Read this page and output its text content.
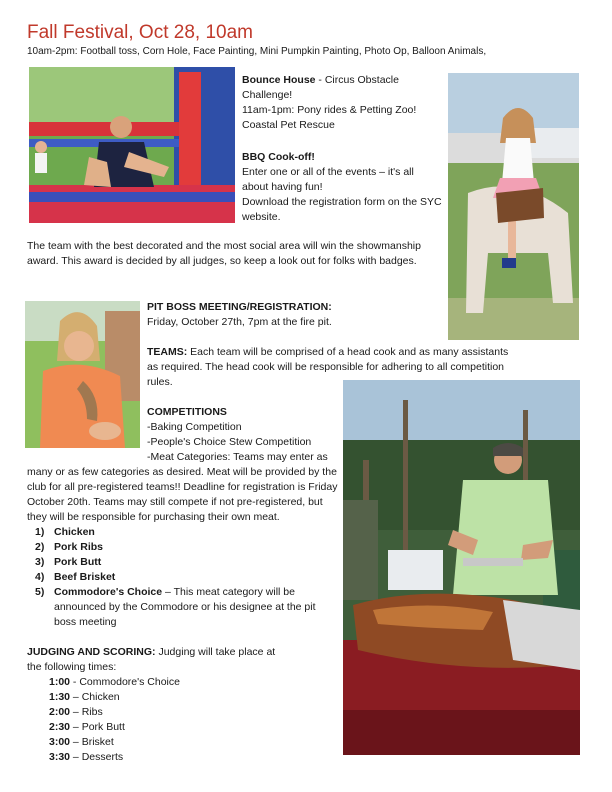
Fall Festival, Oct 28, 10am
10am-2pm: Football toss, Corn Hole, Face Painting, Mini Pumpkin Painting, Photo Op, Balloon Animals,

Bounce House - Circus Obstacle Challenge!

11am-1pm: Pony rides & Petting Zoo!

Coastal Pet Rescue

BBQ Cook-off!

Enter one or all of the events – it's all about having fun!

Download the registration form on the SYC website.

The team with the best decorated and the most social area will win the showmanship award. This award is decided by all judges, so keep a look out for folks with badges.

PIT BOSS MEETING/REGISTRATION:

Friday, October 27th, 7pm at the fire pit.

TEAMS: Each team will be comprised of a head cook and as many assistants as required. The head cook will be responsible for adhering to all competition rules.

COMPETITIONS

-Baking Competition

-People's Choice Stew Competition

-Meat Categories: Teams may enter as many or as few categories as desired. Meat will be provided by the club for all pre-registered teams!! Deadline for registration is Friday October 20th. Teams may still compete if not pre-registered, but they will be responsible for purchasing their own meat.
1) Chicken
2) Pork Ribs
3) Pork Butt
4) Beef Brisket
5) Commodore's Choice – This meat category will be announced by the Commodore or his designee at the pit boss meeting

JUDGING AND SCORING: Judging will take place at the following times:

1:00 - Commodore's Choice

1:30 – Chicken

2:00 – Ribs

2:30 – Pork Butt

3:00 – Brisket

3:30 – Desserts
